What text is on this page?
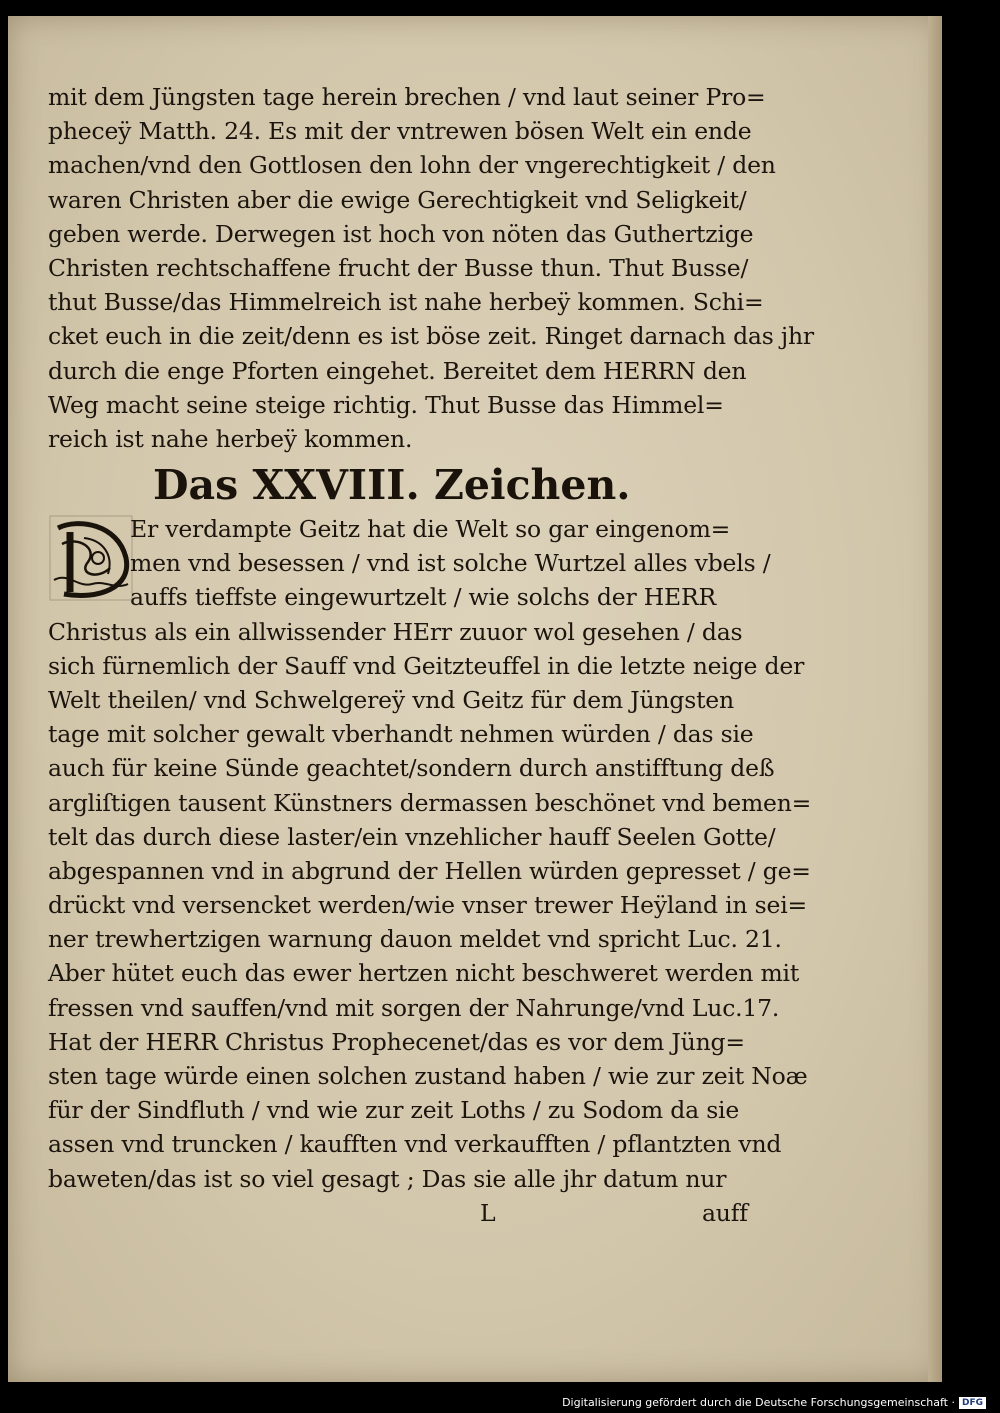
mit dem Jüngsten tage herein brechen / vnd laut seiner Pro=
pheceÿ Matth. 24. Es mit der vntrewen bösen Welt ein ende
machen/vnd den Gottlosen den lohn der vngerechtigkeit / den
waren Christen aber die ewige Gerechtigkeit vnd Seligkeit/
geben werde. Derwegen ist hoch von nöten das Guthertzige
Christen rechtschaffene frucht der Busse thun. Thut Busse/
thut Busse/das Himmelreich ist nahe herbeÿ kommen. Schi=
cket euch in die zeit/denn es ist böse zeit. Ringet darnach das jhr
durch die enge Pforten eingehet. Bereitet dem HERRN den
Weg macht seine steige richtig. Thut Busse das Himmel=
reich ist nahe herbeÿ kommen.
Das XXVIII. Zeichen.
Er verdampte Geitz hat die Welt so gar eingenom=
men vnd besessen / vnd ist solche Wurtzel alles vbels /
auffs tieffste eingewurtzelt / wie solchs der HERR
Christus als ein allwissender HErr zuuor wol gesehen / das
sich fürnemlich der Sauff vnd Geitzteuffel in die letzte neige der
Welt theilen/ vnd Schwelgereÿ vnd Geitz für dem Jüngsten
tage mit solcher gewalt vberhandt nehmen würden / das sie
auch für keine Sünde geachtet/sondern durch anstifftung deß
argliſtigen tausent Künstners dermassen beschönet vnd bemen=
telt das durch diese laster/ein vnzehlicher hauff Seelen Gotte/
abgespannen vnd in abgrund der Hellen würden gepresset / ge=
drückt vnd versencket werden/wie vnser trewer Heÿland in sei=
ner trewhertzigen warnung dauon meldet vnd spricht Luc. 21.
Aber hütet euch das ewer hertzen nicht beschweret werden mit
fressen vnd sauffen/vnd mit sorgen der Nahrunge/vnd Luc.17.
Hat der HERR Christus Prophecenet/das es vor dem Jüng=
sten tage würde einen solchen zustand haben / wie zur zeit Noæ
für der Sindfluth / vnd wie zur zeit Loths / zu Sodom da sie
assen vnd truncken / kaufften vnd verkaufften / pflantzten vnd
baweten/das ist so viel gesagt ; Das sie alle jhr datum nur
L	auff
Digitalisierung gefördert durch die Deutsche Forschungsgemeinschaft · DFG
